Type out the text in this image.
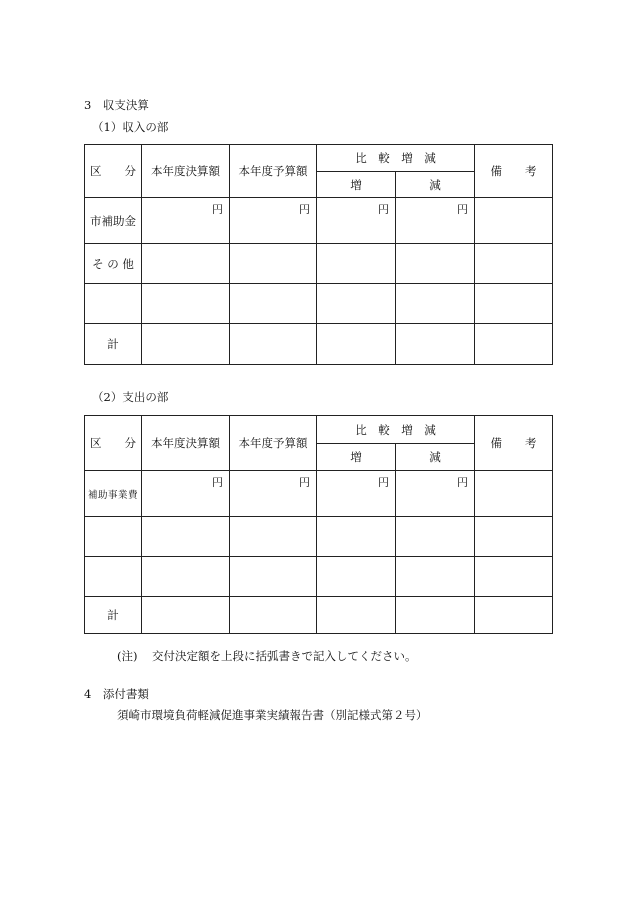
3　収支決算
（1）収入の部
区　　分	本年度決算額	本年度予算額	比　較　増　減		備　　考
			増	減	
市補助金	円	円	円	円	

そ の 他					

計					
（2）支出の部
区　　分	本年度決算額	本年度予算額	比　較　増　減		備　　考
			増	減	
補助事業費	円	円	円	円	

計					
(注) 交付決定額を上段に括弧書きで記入してください。
4　添付書類
須崎市環境負荷軽減促進事業実績報告書（別記様式第２号）
